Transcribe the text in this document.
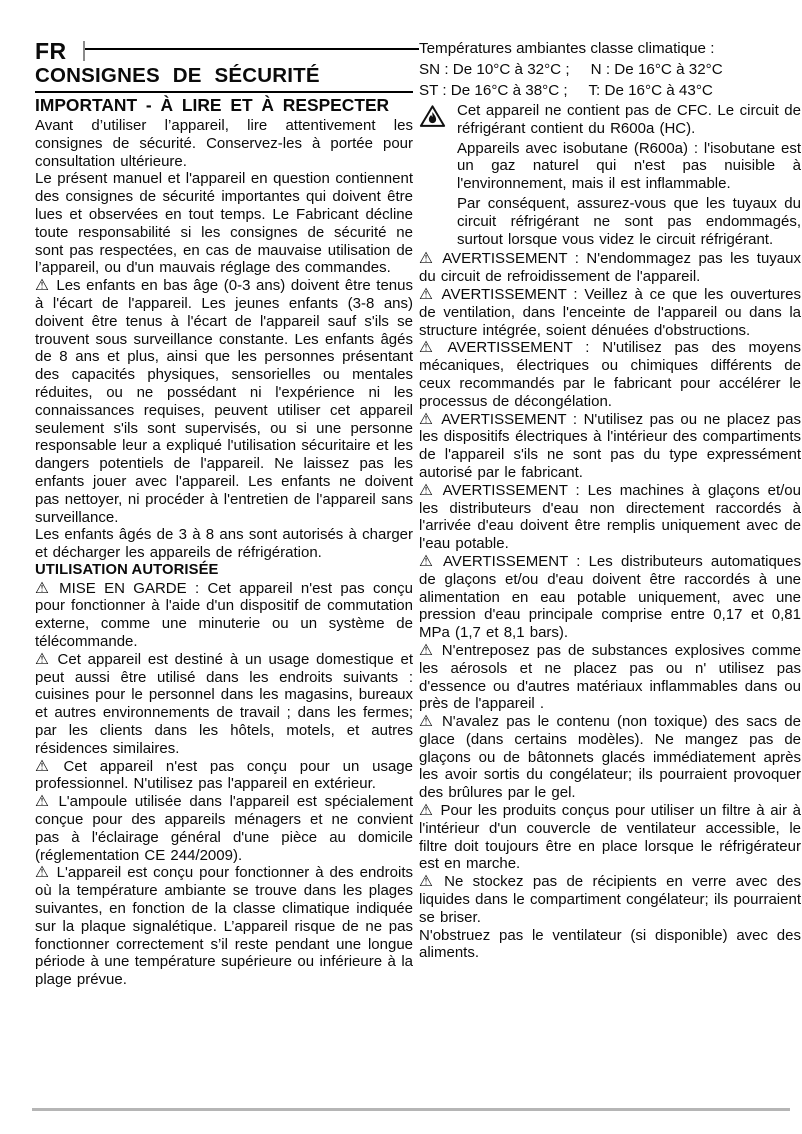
FR
CONSIGNES DE SÉCURITÉ
IMPORTANT - À LIRE ET À RESPECTER

Avant d’utiliser l’appareil, lire attentivement les consignes de sécurité. Conservez-les à portée pour consultation ultérieure.

Le présent manuel et l'appareil en question contiennent des consignes de sécurité importantes qui doivent être lues et observées en tout temps. Le Fabricant décline toute responsabilité si les consignes de sécurité ne sont pas respectées, en cas de mauvaise utilisation de l’appareil, ou d'un mauvais réglage des commandes.

⚠ Les enfants en bas âge (0-3 ans) doivent être tenus à l'écart de l'appareil. Les jeunes enfants (3-8 ans) doivent être tenus à l'écart de l'appareil sauf s'ils se trouvent sous surveillance constante. Les enfants âgés de 8 ans et plus, ainsi que les personnes présentant des capacités physiques, sensorielles ou mentales réduites, ou ne possédant ni l'expérience ni les connaissances requises, peuvent utiliser cet appareil seulement s'ils sont supervisés, ou si une personne responsable leur a expliqué l'utilisation sécuritaire et les dangers potentiels de l'appareil. Ne laissez pas les enfants jouer avec l'appareil. Les enfants ne doivent pas nettoyer, ni procéder à l'entretien de l'appareil sans surveillance.

Les enfants âgés de 3 à 8 ans sont autorisés à charger et décharger les appareils de réfrigération.

UTILISATION AUTORISÉE

⚠ MISE EN GARDE : Cet appareil n'est pas conçu pour fonctionner à l'aide d'un dispositif de commutation externe, comme une minuterie ou un système de télécommande.

⚠ Cet appareil est destiné à un usage domestique et peut aussi être utilisé dans les endroits suivants : cuisines pour le personnel dans les magasins, bureaux et autres environnements de travail ; dans les fermes; par les clients dans les hôtels, motels, et autres résidences similaires.

⚠ Cet appareil n'est pas conçu pour un usage professionnel. N'utilisez pas l'appareil en extérieur.

⚠ L'ampoule utilisée dans l'appareil est spécialement conçue pour des appareils ménagers et ne convient pas à l'éclairage général d'une pièce au domicile (réglementation CE 244/2009).

⚠ L'appareil est conçu pour fonctionner à des endroits où la température ambiante se trouve dans les plages suivantes, en fonction de la classe climatique indiquée sur la plaque signalétique. L’appareil risque de ne pas fonctionner correctement s’il reste pendant une longue période à une température supérieure ou inférieure à la plage prévue.

Températures ambiantes classe climatique :

SN : De 10°C à 32°C ;     N : De 16°C à 32°C

ST : De 16°C à 38°C ;     T: De 16°C à 43°C

Cet appareil ne contient pas de CFC. Le circuit de réfrigérant contient du R600a (HC).

Appareils avec isobutane (R600a) : l'isobutane est un gaz naturel qui n'est pas nuisible à l'environnement, mais il est inflammable.

Par conséquent, assurez-vous que les tuyaux du circuit réfrigérant ne sont pas endommagés, surtout lorsque vous videz le circuit réfrigérant.

⚠ AVERTISSEMENT : N'endommagez pas les tuyaux du circuit de refroidissement de l'appareil.

⚠ AVERTISSEMENT : Veillez à ce que les ouvertures de ventilation, dans l'enceinte de l'appareil ou dans la structure intégrée, soient dénuées d'obstructions.

⚠ AVERTISSEMENT : N'utilisez pas des moyens mécaniques, électriques ou chimiques différents de ceux recommandés par le fabricant pour accélérer le processus de décongélation.

⚠ AVERTISSEMENT : N'utilisez pas ou ne placez pas les dispositifs électriques à l'intérieur des compartiments de l'appareil s'ils ne sont pas du type expressément autorisé par le fabricant.

⚠ AVERTISSEMENT : Les machines à glaçons et/ou les distributeurs d'eau non directement raccordés à l'arrivée d'eau doivent être remplis uniquement avec de l'eau potable.

⚠ AVERTISSEMENT : Les distributeurs automatiques de glaçons et/ou d'eau doivent être raccordés à une alimentation en eau potable uniquement, avec une pression d'eau principale comprise entre 0,17 et 0,81 MPa (1,7 et 8,1 bars).

⚠ N'entreposez pas de substances explosives comme les aérosols et ne placez pas ou n' utilisez pas d'essence ou d'autres matériaux inflammables dans ou près de l'appareil .

⚠ N'avalez pas le contenu (non toxique) des sacs de glace (dans certains modèles). Ne mangez pas de glaçons ou de bâtonnets glacés immédiatement après les avoir sortis du congélateur; ils pourraient provoquer des brûlures par le gel.

⚠ Pour les produits conçus pour utiliser un filtre à air à l'intérieur d'un couvercle de ventilateur accessible, le filtre doit toujours être en place lorsque le réfrigérateur est en marche.

⚠ Ne stockez pas de récipients en verre avec des liquides dans le compartiment congélateur; ils pourraient se briser.

N'obstruez pas le ventilateur (si disponible) avec des aliments.
